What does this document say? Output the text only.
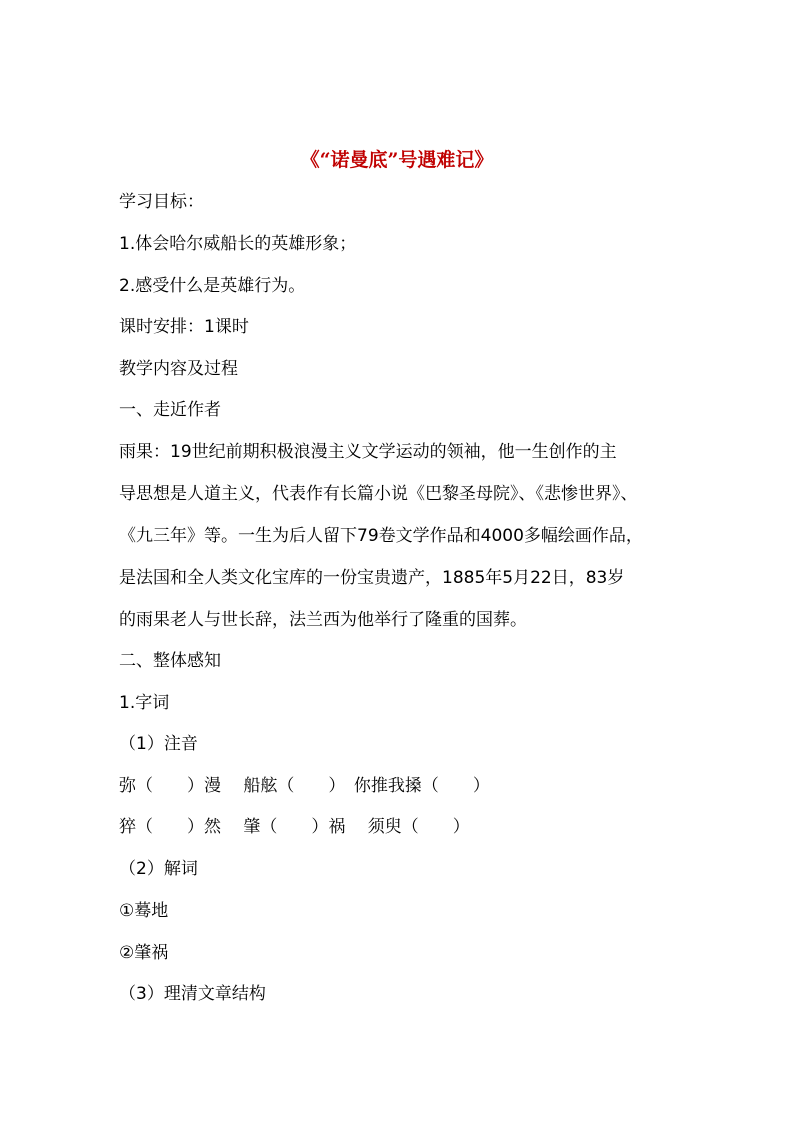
《“诺曼底”号遇难记》
学习目标：
1.体会哈尔威船长的英雄形象；
2.感受什么是英雄行为。
课时安排：1课时
教学内容及过程
一、走近作者
雨果：19世纪前期积极浪漫主义文学运动的领袖，他一生创作的主
导思想是人道主义，代表作有长篇小说《巴黎圣母院》、《悲惨世界》、
《九三年》等。一生为后人留下79卷文学作品和4000多幅绘画作品，
是法国和全人类文化宝库的一份宝贵遗产，1885年5月22日，83岁
的雨果老人与世长辞，法兰西为他举行了隆重的国葬。
二、整体感知
1.字词
（1）注音
弥（　　）漫　 船舷（　　）　你推我搡（　　）
猝（　　）然　 肇（　　）祸　 须臾（　　）
（2）解词
①蓦地
②肇祸
（3）理清文章结构
